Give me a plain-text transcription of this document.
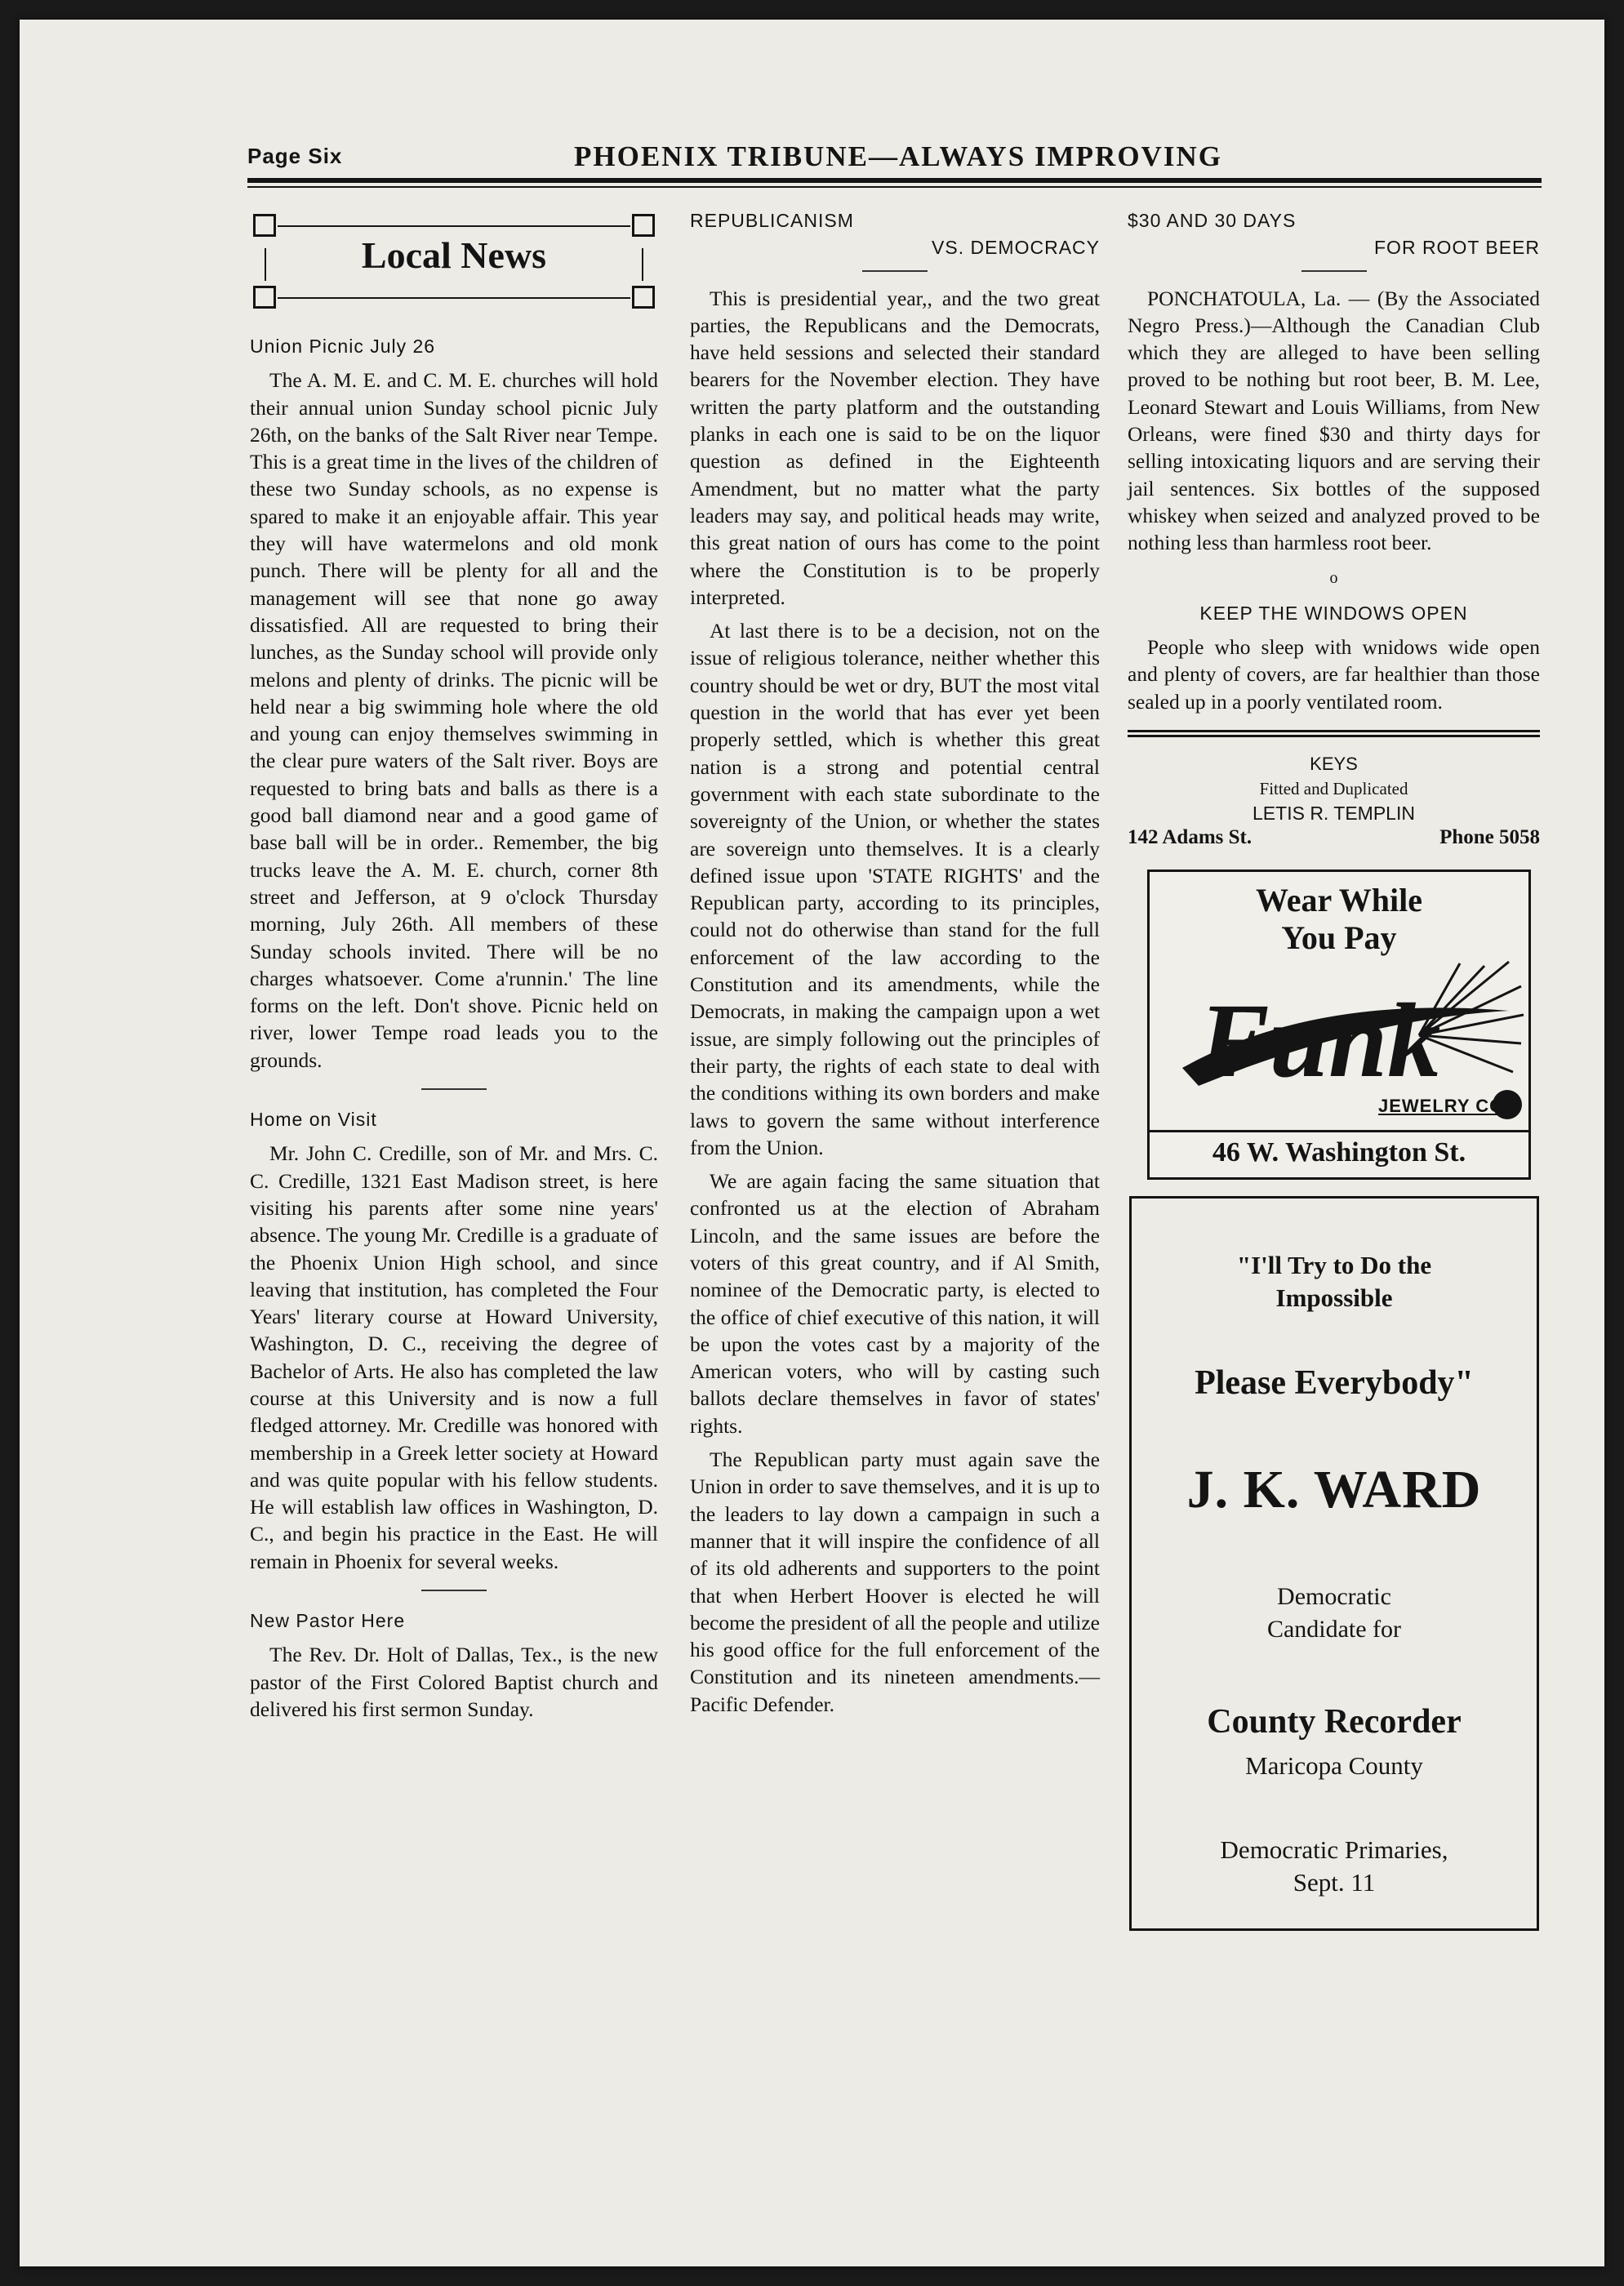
Page Six	PHOENIX TRIBUNE—ALWAYS IMPROVING
Local News
Union Picnic July 26

The A. M. E. and C. M. E. churches will hold their annual union Sunday school picnic July 26th, on the banks of the Salt River near Tempe. This is a great time in the lives of the children of these two Sunday schools, as no expense is spared to make it an enjoyable affair. This year they will have watermelons and old monk punch. There will be plenty for all and the management will see that none go away dissatisfied. All are requested to bring their lunches, as the Sunday school will provide only melons and plenty of drinks. The picnic will be held near a big swimming hole where the old and young can enjoy themselves swimming in the clear pure waters of the Salt river. Boys are requested to bring bats and balls as there is a good ball diamond near and a good game of base ball will be in order.. Remember, the big trucks leave the A. M. E. church, corner 8th street and Jefferson, at 9 o'clock Thursday morning, July 26th. All members of these Sunday schools invited. There will be no charges whatsoever. Come a'runnin.' The line forms on the left. Don't shove. Picnic held on river, lower Tempe road leads you to the grounds.

Home on Visit

Mr. John C. Credille, son of Mr. and Mrs. C. C. Credille, 1321 East Madison street, is here visiting his parents after some nine years' absence. The young Mr. Credille is a graduate of the Phoenix Union High school, and since leaving that institution, has completed the Four Years' literary course at Howard University, Washington, D. C., receiving the degree of Bachelor of Arts. He also has completed the law course at this University and is now a full fledged attorney. Mr. Credille was honored with membership in a Greek letter society at Howard and was quite popular with his fellow students. He will establish law offices in Washington, D. C., and begin his practice in the East. He will remain in Phoenix for several weeks.

New Pastor Here

The Rev. Dr. Holt of Dallas, Tex., is the new pastor of the First Colored Baptist church and delivered his first sermon Sunday.

REPUBLICANISM
VS. DEMOCRACY

This is presidential year,, and the two great parties, the Republicans and the Democrats, have held sessions and selected their standard bearers for the November election. They have written the party platform and the outstanding planks in each one is said to be on the liquor question as defined in the Eighteenth Amendment, but no matter what the party leaders may say, and political heads may write, this great nation of ours has come to the point where the Constitution is to be properly interpreted.

At last there is to be a decision, not on the issue of religious tolerance, neither whether this country should be wet or dry, BUT the most vital question in the world that has ever yet been properly settled, which is whether this great nation is a strong and potential central government with each state subordinate to the sovereignty of the Union, or whether the states are sovereign unto themselves. It is a clearly defined issue upon 'STATE RIGHTS' and the Republican party, according to its principles, could not do otherwise than stand for the full enforcement of the law according to the Constitution and its amendments, while the Democrats, in making the campaign upon a wet issue, are simply following out the principles of their party, the rights of each state to deal with the conditions withing its own borders and make laws to govern the same without interference from the Union.

We are again facing the same situation that confronted us at the election of Abraham Lincoln, and the same issues are before the voters of this great country, and if Al Smith, nominee of the Democratic party, is elected to the office of chief executive of this nation, it will be upon the votes cast by a majority of the American voters, who will by casting such ballots declare themselves in favor of states' rights.

The Republican party must again save the Union in order to save themselves, and it is up to the leaders to lay down a campaign in such a manner that it will inspire the confidence of all of its old adherents and supporters to the point that when Herbert Hoover is elected he will become the president of all the people and utilize his good office for the full enforcement of the Constitution and its nineteen amendments.—Pacific Defender.

$30 AND 30 DAYS
FOR ROOT BEER

PONCHATOULA, La. — (By the Associated Negro Press.)—Although the Canadian Club which they are alleged to have been selling proved to be nothing but root beer, B. M. Lee, Leonard Stewart and Louis Williams, from New Orleans, were fined $30 and thirty days for selling intoxicating liquors and are serving their jail sentences. Six bottles of the supposed whiskey when seized and analyzed proved to be nothing less than harmless root beer.

o
KEEP THE WINDOWS OPEN

People who sleep with wnidows wide open and plenty of covers, are far healthier than those sealed up in a poorly ventilated room.

KEYS
Fitted and Duplicated
LETIS R. TEMPLIN
142 Adams St.	Phone 5058
Wear While
You Pay
Funk
JEWELRY CO.
46 W. Washington St.
"I'll Try to Do the
Impossible
Please Everybody"
J. K. WARD
Democratic
Candidate for
County Recorder
Maricopa County
Democratic Primaries,
Sept. 11
